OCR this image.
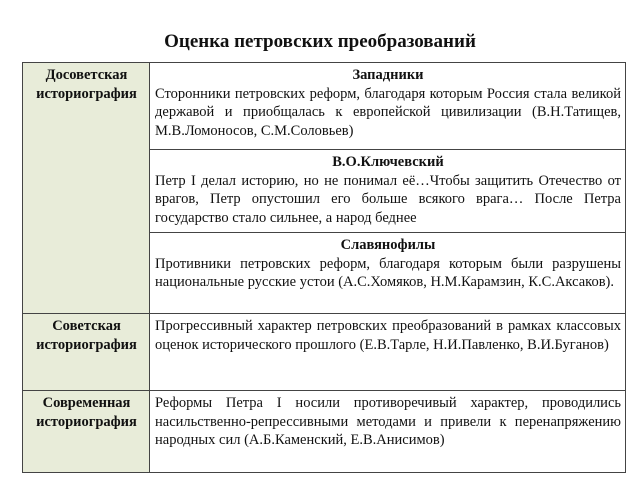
Оценка петровских преобразований
Досоветская историография	Западники
Сторонники петровских реформ, благодаря которым Россия стала великой державой и приобщалась к европейской цивилизации (В.Н.Татищев, М.В.Ломоносов, С.М.Соловьев)

	В.О.Ключевский
Петр I делал историю, но не понимал её…Чтобы защитить Отечество от врагов, Петр опустошил его больше всякого врага… После Петра государство стало сильнее, а народ беднее

	Славянофилы
Противники петровских реформ, благодаря которым были разрушены национальные русские устои (А.С.Хомяков, Н.М.Карамзин, К.С.Аксаков).

Советская историография	Прогрессивный характер петровских преобразований в рамках классовых оценок исторического прошлого (Е.В.Тарле, Н.И.Павленко, В.И.Буганов)

Современная историография	Реформы Петра I носили противоречивый характер, проводились насильственно-репрессивными методами и привели к перенапряжению народных сил (А.Б.Каменский, Е.В.Анисимов)
